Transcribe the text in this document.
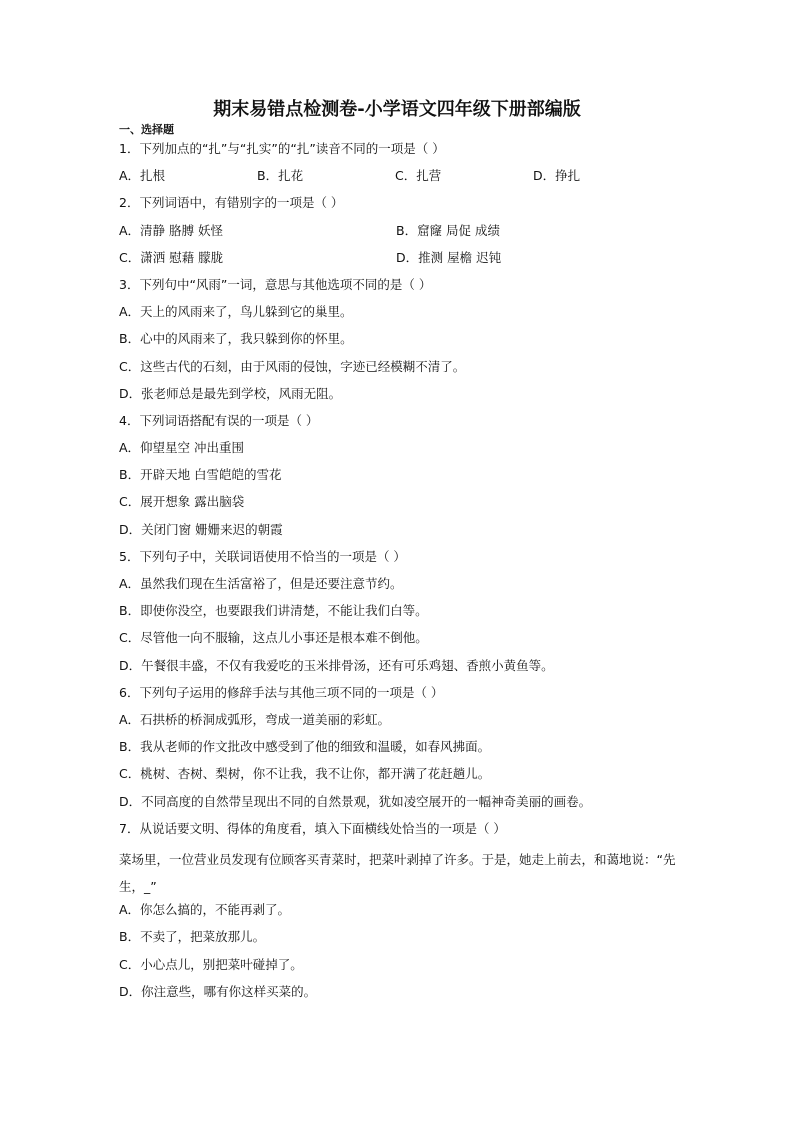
期末易错点检测卷-小学语文四年级下册部编版
一、选择题
1．下列加点的“扎”与“扎实”的“扎”读音不同的一项是（ ）
A．扎根	B．扎花	C．扎营	D．挣扎
2．下列词语中，有错别字的一项是（ ）
A．清静 胳膊 妖怪	B．窟窿 局促 成绩
C．潇洒 慰藉 朦胧	D．推测 屋檐 迟钝
3．下列句中“风雨”一词，意思与其他选项不同的是（ ）
A．天上的风雨来了，鸟儿躲到它的巢里。
B．心中的风雨来了，我只躲到你的怀里。
C．这些古代的石刻，由于风雨的侵蚀，字迹已经模糊不清了。
D．张老师总是最先到学校，风雨无阻。
4．下列词语搭配有误的一项是（ ）
A．仰望星空 冲出重围
B．开辟天地 白雪皑皑的雪花
C．展开想象 露出脑袋
D．关闭门窗 姗姗来迟的朝霞
5．下列句子中，关联词语使用不恰当的一项是（ ）
A．虽然我们现在生活富裕了，但是还要注意节约。
B．即使你没空，也要跟我们讲清楚，不能让我们白等。
C．尽管他一向不服输，这点儿小事还是根本难不倒他。
D．午餐很丰盛，不仅有我爱吃的玉米排骨汤，还有可乐鸡翅、香煎小黄鱼等。
6．下列句子运用的修辞手法与其他三项不同的一项是（ ）
A．石拱桥的桥洞成弧形，弯成一道美丽的彩虹。
B．我从老师的作文批改中感受到了他的细致和温暖，如春风拂面。
C．桃树、杏树、梨树，你不让我，我不让你，都开满了花赶趟儿。
D．不同高度的自然带呈现出不同的自然景观，犹如凌空展开的一幅神奇美丽的画卷。
7．从说话要文明、得体的角度看，填入下面横线处恰当的一项是（ ）
菜场里，一位营业员发现有位顾客买青菜时，把菜叶剥掉了许多。于是，她走上前去，和蔼地说：“先生，_”
A．你怎么搞的，不能再剥了。
B．不卖了，把菜放那儿。
C．小心点儿，别把菜叶碰掉了。
D．你注意些，哪有你这样买菜的。
